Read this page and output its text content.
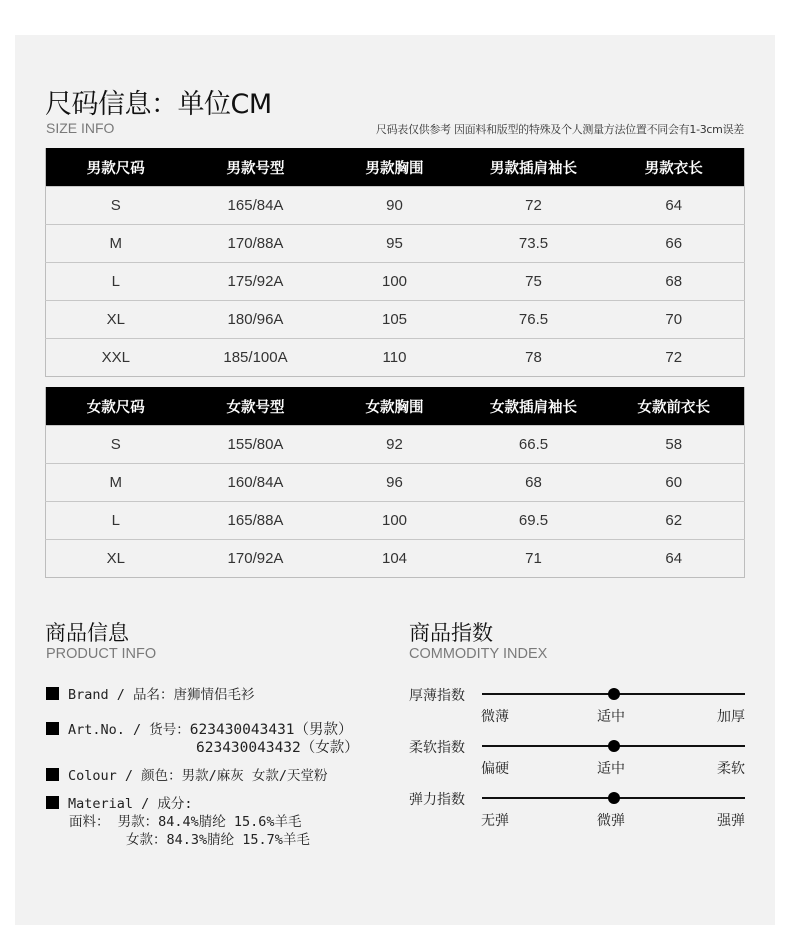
尺码信息：单位CM
SIZE INFO	尺码表仅供参考 因面料和版型的特殊及个人测量方法位置不同会有1-3cm误差
男款尺码	男款号型	男款胸围	男款插肩袖长	男款衣长
S	165/84A	90	72	64
M	170/88A	95	73.5	66
L	175/92A	100	75	68
XL	180/96A	105	76.5	70
XXL	185/100A	110	78	72
女款尺码	女款号型	女款胸围	女款插肩袖长	女款前衣长
S	155/80A	92	66.5	58
M	160/84A	96	68	60
L	165/88A	100	69.5	62
XL	170/92A	104	71	64
商品信息
PRODUCT INFO
Brand / 品名：唐狮情侣毛衫
Art.No. / 货号：623430043431（男款）
623430043432（女款）
Colour / 颜色：男款/麻灰 女款/天堂粉
Material / 成分:
面料： 男款：84.4%腈纶 15.6%羊毛
女款：84.3%腈纶 15.7%羊毛
商品指数
COMMODITY INDEX
厚薄指数
微薄	适中	加厚
柔软指数
偏硬	适中	柔软
弹力指数
无弹	微弹	强弹
